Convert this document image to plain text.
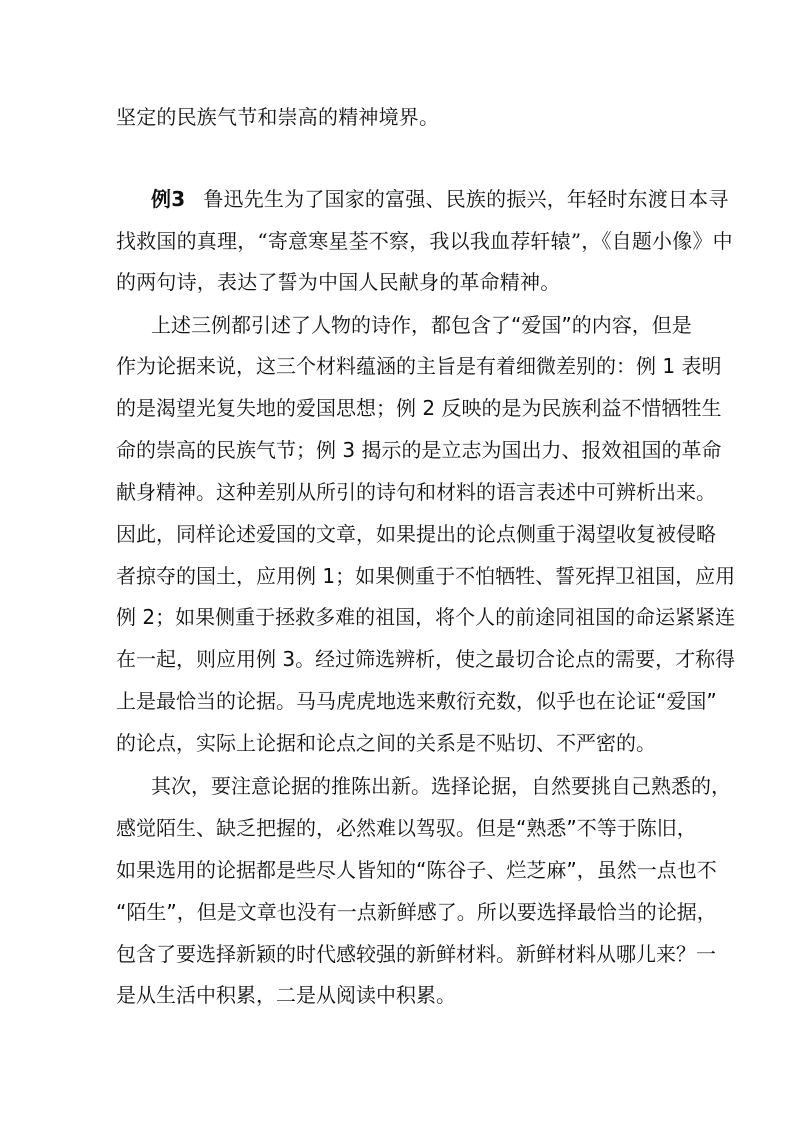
坚定的民族气节和崇高的精神境界。
例3 鲁迅先生为了国家的富强、民族的振兴，年轻时东渡日本寻
找救国的真理，“寄意寒星荃不察，我以我血荐轩辕”，《自题小像》中
的两句诗，表达了誓为中国人民献身的革命精神。
上述三例都引述了人物的诗作，都包含了“爱国”的内容，但是
作为论据来说，这三个材料蕴涵的主旨是有着细微差别的：例 1 表明
的是渴望光复失地的爱国思想；例 2 反映的是为民族利益不惜牺牲生
命的崇高的民族气节；例 3 揭示的是立志为国出力、报效祖国的革命
献身精神。这种差别从所引的诗句和材料的语言表述中可辨析出来。
因此，同样论述爱国的文章，如果提出的论点侧重于渴望收复被侵略
者掠夺的国土，应用例 1；如果侧重于不怕牺牲、誓死捍卫祖国，应用
例 2；如果侧重于拯救多难的祖国，将个人的前途同祖国的命运紧紧连
在一起，则应用例 3。经过筛选辨析，使之最切合论点的需要，才称得
上是最恰当的论据。马马虎虎地选来敷衍充数，似乎也在论证“爱国”
的论点，实际上论据和论点之间的关系是不贴切、不严密的。
其次，要注意论据的推陈出新。选择论据，自然要挑自己熟悉的，
感觉陌生、缺乏把握的，必然难以驾驭。但是“熟悉”不等于陈旧，
如果选用的论据都是些尽人皆知的“陈谷子、烂芝麻”，虽然一点也不
“陌生”，但是文章也没有一点新鲜感了。所以要选择最恰当的论据，
包含了要选择新颖的时代感较强的新鲜材料。新鲜材料从哪儿来？一
是从生活中积累，二是从阅读中积累。
